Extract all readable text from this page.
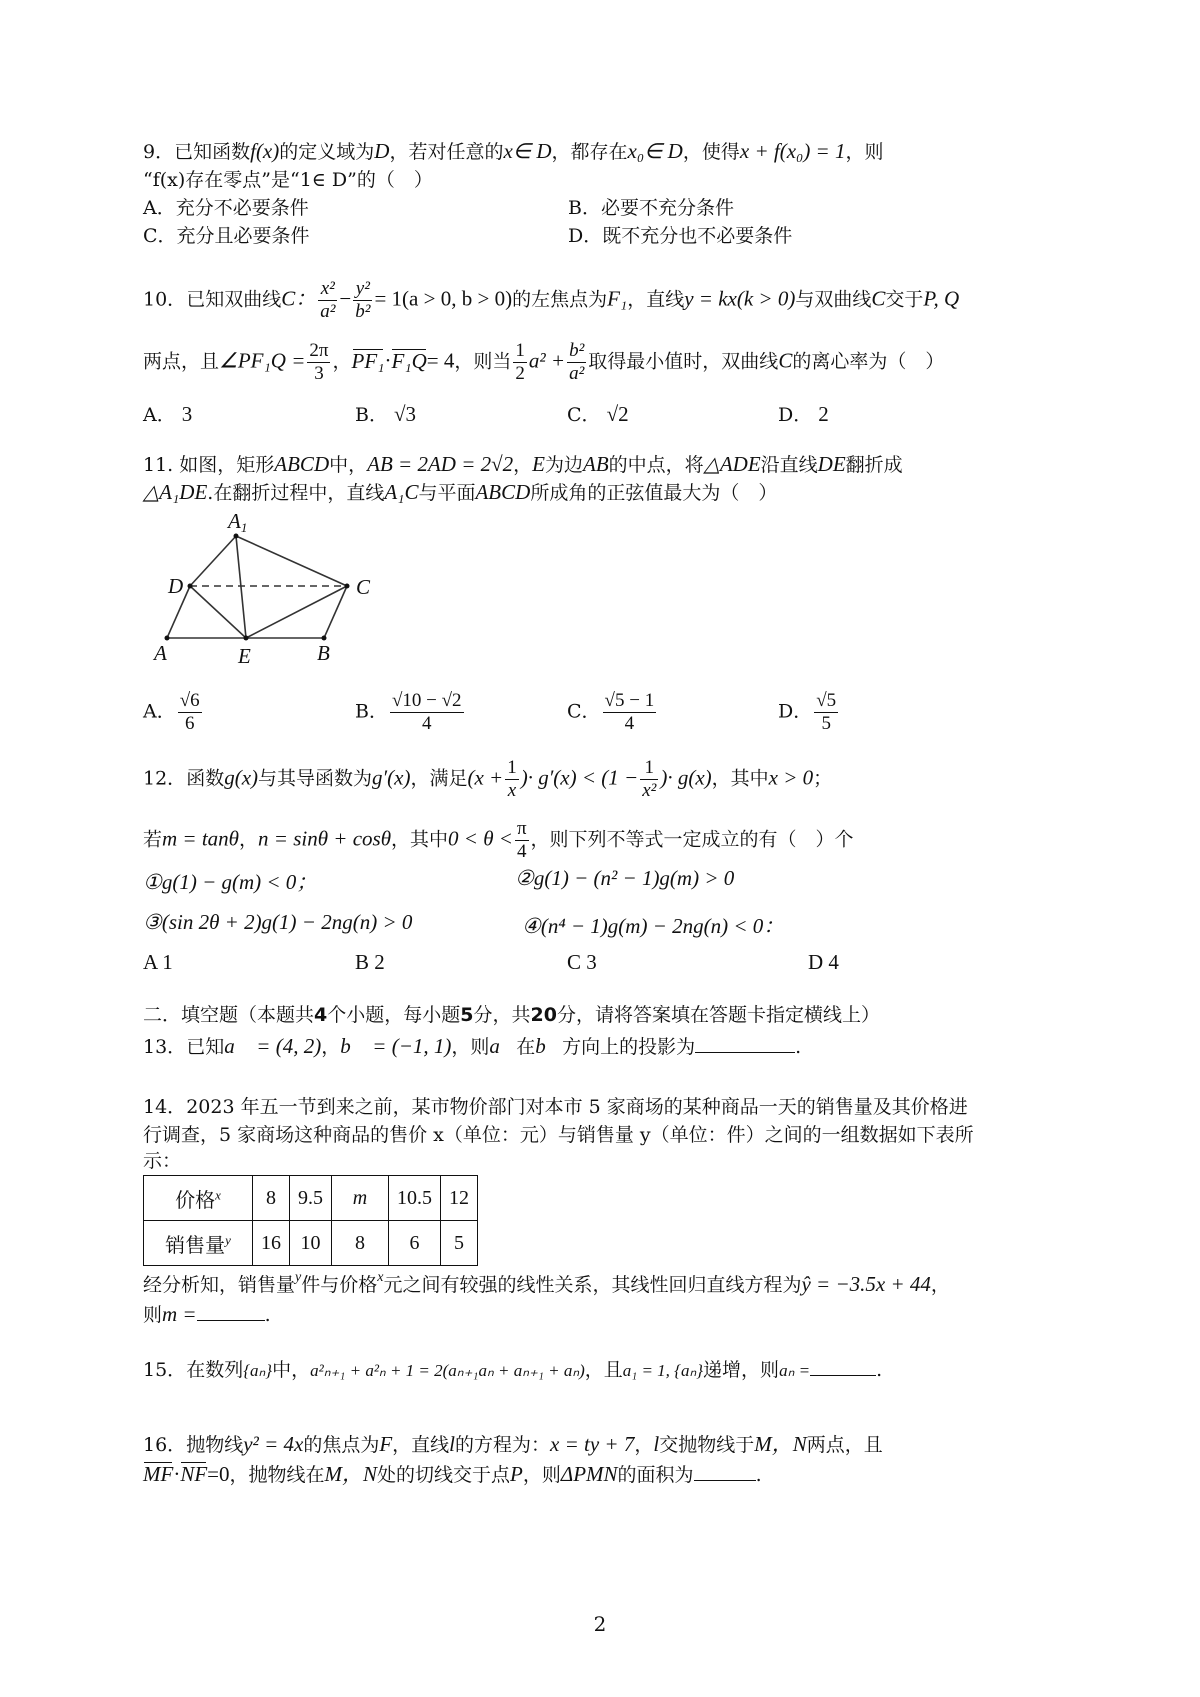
9．已知函数f(x)的定义域为D，若对任意的x∈ D，都存在x₀∈ D，使得x + f(x₀) = 1，则
“f(x)存在零点”是“1∈ D”的（　）
A．充分不必要条件	B．必要不充分条件
C．充分且必要条件	D．既不充分也不必要条件
10．已知双曲线C： $\frac{\text{x²}}{\text{a²}} - \frac{\text{y²}}{\text{b²}} = 1(a > 0$, b > 0)的左焦点为F₁，直线y = kx(k > 0)与双曲线C交于P, Q
两点，且∠PF₁Q = $\frac{2\pi}{3}$ ，PF₁·F₁Q= 4，则当 $\frac{1}{2} a^2 + \frac{\text{b²}}{\text{a²}}$ 取得最小值时，双曲线C的离心率为（　）
A． 3	B． √3	C． √2	D． 2
11. 如图，矩形ABCD中，AB = 2AD = 2√2，E为边AB的中点，将△ADE沿直线DE翻折成
△A₁DE.在翻折过程中，直线A₁C与平面ABCD所成角的正弦值最大为（　）
A1
D	C
A	E	B
A． $\frac{√6}{6}$	B． $\frac{√10 - √2}{4}$	C． $\frac{√5 - 1}{4}$	D． $\frac{√5}{5}$
12．函数g(x)与其导函数为g′(x)，满足($x + \frac{1}{x}$ )· $g'(x) < (1 - \frac{1}{\text{x²}}$ )· g(x)，其中x > 0；
若m = tanθ，n = sinθ + cosθ，其中$0 < \theta < \frac{\pi}{4}$ ，则下列不等式一定成立的有（　）个
①g(1) − g(m) < 0；	②g(1) − (n² − 1)g(m) > 0
③(sin 2θ + 2)g(1) − 2ng(n) > 0	④(n⁴ − 1)g(m) − 2ng(n) < 0：
A 1	B 2	C 3	D 4
二．填空题（本题共4个小题，每小题5分，共20分，请将答案填在答题卡指定横线上）
13．已知a⃗ = (4, 2)，b⃗ = (−1, 1)，则a⃗在b⃗方向上的投影为	.
14．2023 年五一节到来之前，某市物价部门对本市 5 家商场的某种商品一天的销售量及其价格进
行调查，5 家商场这种商品的售价 x（单位：元）与销售量 y（单位：件）之间的一组数据如下表所
示：
价格$^x$	8	9.5	m	10.5	12
销售量$^y$	16	10	8	6	5
经分析知，销售量$^y$件与价格$^x$元之间有较强的线性关系，其线性回归直线方程为ŷ = −3.5x + 44，
则m =	.
15．在数列{aₙ}中，a²ₙ₊₁ + a²ₙ + 1 = 2(aₙ₊₁aₙ + aₙ₊₁ + aₙ)，且a₁ = 1, {aₙ}递增，则aₙ =	.
16．抛物线y² = 4x的焦点为F，直线l的方程为：x = ty + 7，l交抛物线于M，N两点，且
MF·NF=0，抛物线在M，N处的切线交于点P，则ΔPMN的面积为	.
2
